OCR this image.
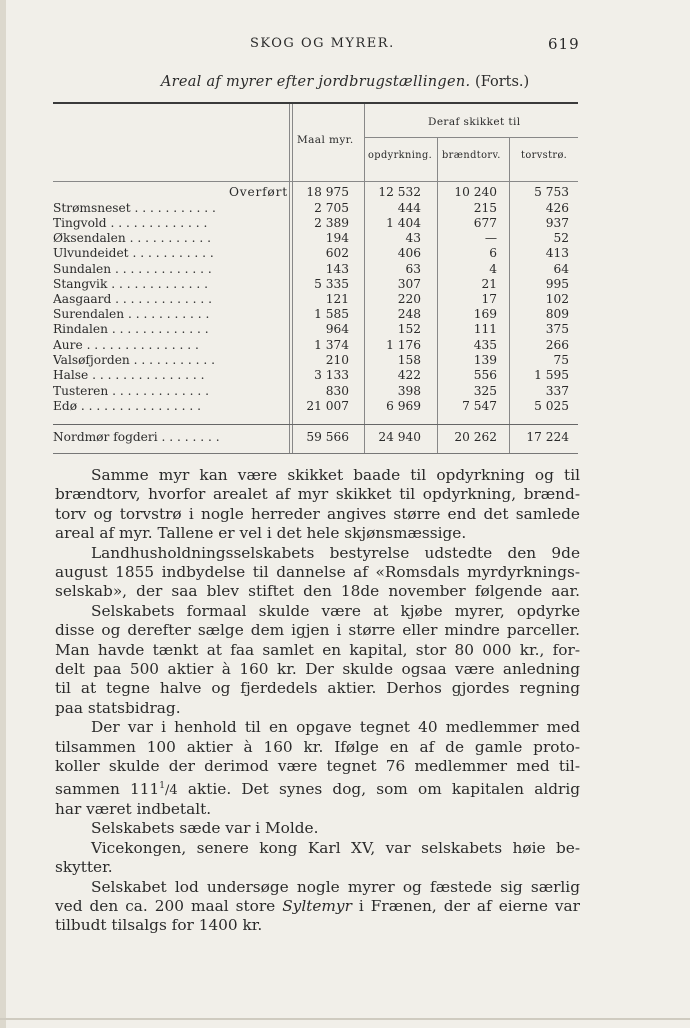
SKOG OG MYRER.	619
Areal af myrer efter jordbrugstællingen. (Forts.)
Maal myr.
Deraf skikket til
opdyrkning. brændtorv. torvstrø.
Overført	18 975	12 532	10 240	5 753
Strømsneset . . . . . . . . . . .	2 705	444	215	426
Tingvold . . . . . . . . . . . . .	2 389	1 404	677	937
Øksendalen . . . . . . . . . . .	194	43	—	52
Ulvundeidet . . . . . . . . . . .	602	406	6	413
Sundalen . . . . . . . . . . . . .	143	63	4	64
Stangvik . . . . . . . . . . . . .	5 335	307	21	995
Aasgaard . . . . . . . . . . . . .	121	220	17	102
Surendalen . . . . . . . . . . .	1 585	248	169	809
Rindalen . . . . . . . . . . . . .	964	152	111	375
Aure . . . . . . . . . . . . . . .	1 374	1 176	435	266
Valsøfjorden . . . . . . . . . . .	210	158	139	75
Halse . . . . . . . . . . . . . . .	3 133	422	556	1 595
Tusteren . . . . . . . . . . . . .	830	398	325	337
Edø . . . . . . . . . . . . . . . .	21 007	6 969	7 547	5 025
Nordmør fogderi . . . . . . . .	59 566	24 940	20 262	17 224

Samme myr kan være skikket baade til opdyrkning og til

brændtorv, hvorfor arealet af myr skikket til opdyrkning, brænd-

torv og torvstrø i nogle herreder angives større end det samlede

areal af myr. Tallene er vel i det hele skjønsmæssige.

Landhusholdningsselskabets bestyrelse udstedte den 9de

august 1855 indbydelse til dannelse af «Romsdals myrdyrknings-

selskab», der saa blev stiftet den 18de november følgende aar.

Selskabets formaal skulde være at kjøbe myrer, opdyrke

disse og derefter sælge dem igjen i større eller mindre parceller.

Man havde tænkt at faa samlet en kapital, stor 80 000 kr., for-

delt paa 500 aktier à 160 kr. Der skulde ogsaa være anledning

til at tegne halve og fjerdedels aktier. Derhos gjordes regning

paa statsbidrag.

Der var i henhold til en opgave tegnet 40 medlemmer med

tilsammen 100 aktier à 160 kr. Ifølge en af de gamle proto-

koller skulde der derimod være tegnet 76 medlemmer med til-

sammen $111^1/4$ aktie. Det synes dog, som om kapitalen aldrig

har været indbetalt.

Selskabets sæde var i Molde.

Vicekongen, senere kong Karl XV, var selskabets høie be-

skytter.

Selskabet lod undersøge nogle myrer og fæstede sig særlig

ved den ca. 200 maal store Syltemyr i Frænen, der af eierne var

tilbudt tilsalgs for 1400 kr.
